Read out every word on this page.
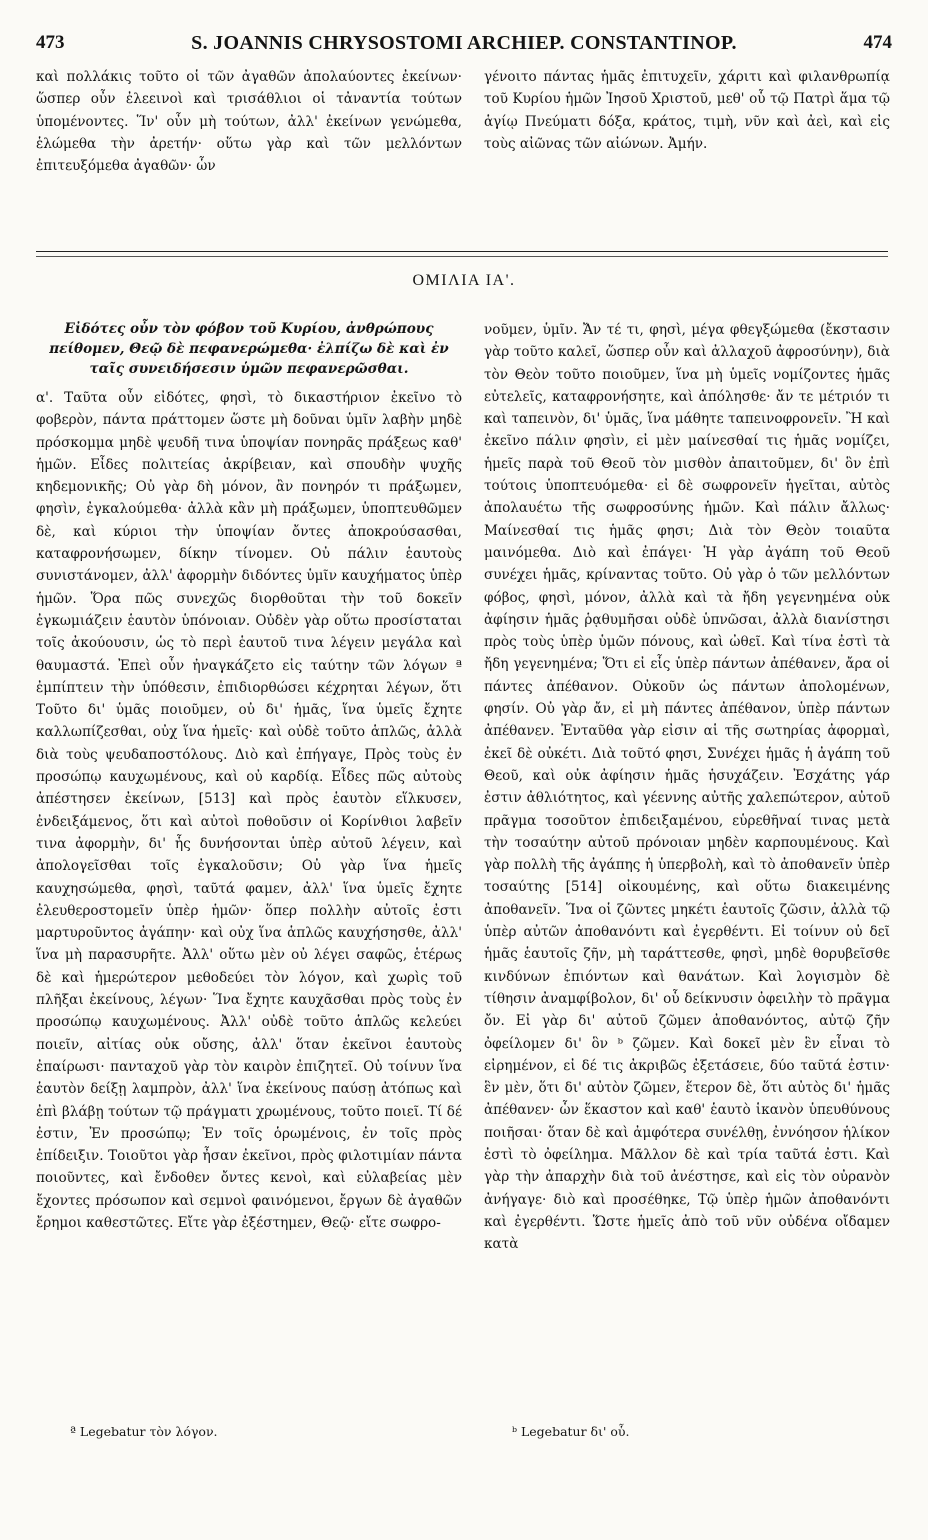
473	S. JOANNIS CHRYSOSTOMI ARCHIEP. CONSTANTINOP.	474

καὶ πολλάκις τοῦτο οἱ τῶν ἀγαθῶν ἀπολαύοντες ἐκείνων· ὥσπερ οὖν ἐλεεινοὶ καὶ τρισάθλιοι οἱ τἀναντία τούτων ὑπομένοντες. Ἵν' οὖν μὴ τούτων, ἀλλ' ἐκείνων γενώμεθα, ἑλώμεθα τὴν ἀρετήν· οὕτω γὰρ καὶ τῶν μελλόντων ἐπιτευξόμεθα ἀγαθῶν· ὧν

γένοιτο πάντας ἡμᾶς ἐπιτυχεῖν, χάριτι καὶ φιλανθρωπίᾳ τοῦ Κυρίου ἡμῶν Ἰησοῦ Χριστοῦ, μεθ' οὗ τῷ Πατρὶ ἅμα τῷ ἁγίῳ Πνεύματι δόξα, κράτος, τιμὴ, νῦν καὶ ἀεὶ, καὶ εἰς τοὺς αἰῶνας τῶν αἰώνων. Ἀμήν.

ΟΜΙΛΙΑ ΙΑ'.

Εἰδότες οὖν τὸν φόβον τοῦ Κυρίου, ἀνθρώπους πείθομεν, Θεῷ δὲ πεφανερώμεθα· ἐλπίζω δὲ καὶ ἐν ταῖς συνειδήσεσιν ὑμῶν πεφανερῶσθαι.

α'. Ταῦτα οὖν εἰδότες, φησὶ, τὸ δικαστήριον ἐκεῖνο τὸ φοβερὸν, πάντα πράττομεν ὥστε μὴ δοῦναι ὑμῖν λαβὴν μηδὲ πρόσκομμα μηδὲ ψευδῆ τινα ὑποψίαν πονηρᾶς πράξεως καθ' ἡμῶν. Εἶδες πολιτείας ἀκρίβειαν, καὶ σπουδὴν ψυχῆς κηδεμονικῆς; Οὐ γὰρ δὴ μόνον, ἂν πονηρόν τι πράξωμεν, φησὶν, ἐγκαλούμεθα· ἀλλὰ κἂν μὴ πράξωμεν, ὑποπτευθῶμεν δὲ, καὶ κύριοι τὴν ὑποψίαν ὄντες ἀποκρούσασθαι, καταφρονήσωμεν, δίκην τίνομεν. Οὐ πάλιν ἑαυτοὺς συνιστάνομεν, ἀλλ' ἀφορμὴν διδόντες ὑμῖν καυχήματος ὑπὲρ ἡμῶν. Ὅρα πῶς συνεχῶς διορθοῦται τὴν τοῦ δοκεῖν ἐγκωμιάζειν ἑαυτὸν ὑπόνοιαν. Οὐδὲν γὰρ οὕτω προσίσταται τοῖς ἀκούουσιν, ὡς τὸ περὶ ἑαυτοῦ τινα λέγειν μεγάλα καὶ θαυμαστά. Ἐπεὶ οὖν ἠναγκάζετο εἰς ταύτην τῶν λόγων ª ἐμπίπτειν τὴν ὑπόθεσιν, ἐπιδιορθώσει κέχρηται λέγων, ὅτι Τοῦτο δι' ὑμᾶς ποιοῦμεν, οὐ δι' ἡμᾶς, ἵνα ὑμεῖς ἔχητε καλλωπίζεσθαι, οὐχ ἵνα ἡμεῖς· καὶ οὐδὲ τοῦτο ἁπλῶς, ἀλλὰ διὰ τοὺς ψευδαποστόλους. Διὸ καὶ ἐπήγαγε, Πρὸς τοὺς ἐν προσώπῳ καυχωμένους, καὶ οὐ καρδίᾳ. Εἶδες πῶς αὐτοὺς ἀπέστησεν ἐκείνων, [513] καὶ πρὸς ἑαυτὸν εἵλκυσεν, ἐνδειξάμενος, ὅτι καὶ αὐτοὶ ποθοῦσιν οἱ Κορίνθιοι λαβεῖν τινα ἀφορμὴν, δι' ἧς δυνήσονται ὑπὲρ αὐτοῦ λέγειν, καὶ ἀπολογεῖσθαι τοῖς ἐγκαλοῦσιν; Οὐ γὰρ ἵνα ἡμεῖς καυχησώμεθα, φησὶ, ταῦτά φαμεν, ἀλλ' ἵνα ὑμεῖς ἔχητε ἐλευθεροστομεῖν ὑπὲρ ἡμῶν· ὅπερ πολλὴν αὐτοῖς ἐστι μαρτυροῦντος ἀγάπην· καὶ οὐχ ἵνα ἁπλῶς καυχήσησθε, ἀλλ' ἵνα μὴ παρασυρῆτε. Ἀλλ' οὕτω μὲν οὐ λέγει σαφῶς, ἑτέρως δὲ καὶ ἡμερώτερον μεθοδεύει τὸν λόγον, καὶ χωρὶς τοῦ πλῆξαι ἐκείνους, λέγων· Ἵνα ἔχητε καυχᾶσθαι πρὸς τοὺς ἐν προσώπῳ καυχωμένους. Ἀλλ' οὐδὲ τοῦτο ἁπλῶς κελεύει ποιεῖν, αἰτίας οὐκ οὔσης, ἀλλ' ὅταν ἐκεῖνοι ἑαυτοὺς ἐπαίρωσι· πανταχοῦ γὰρ τὸν καιρὸν ἐπιζητεῖ. Οὐ τοίνυν ἵνα ἑαυτὸν δείξῃ λαμπρὸν, ἀλλ' ἵνα ἐκείνους παύσῃ ἀτόπως καὶ ἐπὶ βλάβῃ τούτων τῷ πράγματι χρωμένους, τοῦτο ποιεῖ. Τί δέ ἐστιν, Ἐν προσώπῳ; Ἐν τοῖς ὁρωμένοις, ἐν τοῖς πρὸς ἐπίδειξιν. Τοιοῦτοι γὰρ ἦσαν ἐκεῖνοι, πρὸς φιλοτιμίαν πάντα ποιοῦντες, καὶ ἔνδοθεν ὄντες κενοὶ, καὶ εὐλαβείας μὲν ἔχοντες πρόσωπον καὶ σεμνοὶ φαινόμενοι, ἔργων δὲ ἀγαθῶν ἔρημοι καθεστῶτες. Εἴτε γὰρ ἐξέστημεν, Θεῷ· εἴτε σωφρο-

νοῦμεν, ὑμῖν. Ἄν τέ τι, φησὶ, μέγα φθεγξώμεθα (ἔκστασιν γὰρ τοῦτο καλεῖ, ὥσπερ οὖν καὶ ἀλλαχοῦ ἀφροσύνην), διὰ τὸν Θεὸν τοῦτο ποιοῦμεν, ἵνα μὴ ὑμεῖς νομίζοντες ἡμᾶς εὐτελεῖς, καταφρονήσητε, καὶ ἀπόλησθε· ἄν τε μέτριόν τι καὶ ταπεινὸν, δι' ὑμᾶς, ἵνα μάθητε ταπεινοφρονεῖν. Ἢ καὶ ἐκεῖνο πάλιν φησὶν, εἰ μὲν μαίνεσθαί τις ἡμᾶς νομίζει, ἡμεῖς παρὰ τοῦ Θεοῦ τὸν μισθὸν ἀπαιτοῦμεν, δι' ὃν ἐπὶ τούτοις ὑποπτευόμεθα· εἰ δὲ σωφρονεῖν ἡγεῖται, αὐτὸς ἀπολαυέτω τῆς σωφροσύνης ἡμῶν. Καὶ πάλιν ἄλλως· Μαίνεσθαί τις ἡμᾶς φησι; Διὰ τὸν Θεὸν τοιαῦτα μαινόμεθα. Διὸ καὶ ἐπάγει· Ἡ γὰρ ἀγάπη τοῦ Θεοῦ συνέχει ἡμᾶς, κρίναντας τοῦτο. Οὐ γὰρ ὁ τῶν μελλόντων φόβος, φησὶ, μόνον, ἀλλὰ καὶ τὰ ἤδη γεγενημένα οὐκ ἀφίησιν ἡμᾶς ῥᾳθυμῆσαι οὐδὲ ὑπνῶσαι, ἀλλὰ διανίστησι πρὸς τοὺς ὑπὲρ ὑμῶν πόνους, καὶ ὠθεῖ. Καὶ τίνα ἐστὶ τὰ ἤδη γεγενημένα; Ὅτι εἰ εἷς ὑπὲρ πάντων ἀπέθανεν, ἄρα οἱ πάντες ἀπέθανον. Οὐκοῦν ὡς πάντων ἀπολομένων, φησίν. Οὐ γὰρ ἄν, εἰ μὴ πάντες ἀπέθανον, ὑπὲρ πάντων ἀπέθανεν. Ἐνταῦθα γὰρ εἰσιν αἱ τῆς σωτηρίας ἀφορμαὶ, ἐκεῖ δὲ οὐκέτι. Διὰ τοῦτό φησι, Συνέχει ἡμᾶς ἡ ἀγάπη τοῦ Θεοῦ, καὶ οὐκ ἀφίησιν ἡμᾶς ἡσυχάζειν. Ἐσχάτης γάρ ἐστιν ἀθλιότητος, καὶ γέεννης αὐτῆς χαλεπώτερον, αὐτοῦ πρᾶγμα τοσοῦτον ἐπιδειξαμένου, εὑρεθῆναί τινας μετὰ τὴν τοσαύτην αὐτοῦ πρόνοιαν μηδὲν καρπουμένους. Καὶ γὰρ πολλὴ τῆς ἀγάπης ἡ ὑπερβολὴ, καὶ τὸ ἀποθανεῖν ὑπὲρ τοσαύτης [514] οἰκουμένης, καὶ οὕτω διακειμένης ἀποθανεῖν. Ἵνα οἱ ζῶντες μηκέτι ἑαυτοῖς ζῶσιν, ἀλλὰ τῷ ὑπὲρ αὐτῶν ἀποθανόντι καὶ ἐγερθέντι. Εἰ τοίνυν οὐ δεῖ ἡμᾶς ἑαυτοῖς ζῆν, μὴ ταράττεσθε, φησὶ, μηδὲ θορυβεῖσθε κινδύνων ἐπιόντων καὶ θανάτων. Καὶ λογισμὸν δὲ τίθησιν ἀναμφίβολον, δι' οὗ δείκνυσιν ὀφειλὴν τὸ πρᾶγμα ὄν. Εἰ γὰρ δι' αὐτοῦ ζῶμεν ἀποθανόντος, αὐτῷ ζῆν ὀφείλομεν δι' ὃν ᵇ ζῶμεν. Καὶ δοκεῖ μὲν ἓν εἶναι τὸ εἰρημένον, εἰ δέ τις ἀκριβῶς ἐξετάσειε, δύο ταῦτά ἐστιν· ἓν μὲν, ὅτι δι' αὐτὸν ζῶμεν, ἕτερον δὲ, ὅτι αὐτὸς δι' ἡμᾶς ἀπέθανεν· ὧν ἕκαστον καὶ καθ' ἑαυτὸ ἱκανὸν ὑπευθύνους ποιῆσαι· ὅταν δὲ καὶ ἀμφότερα συνέλθῃ, ἐννόησον ἡλίκον ἐστὶ τὸ ὀφείλημα. Μᾶλλον δὲ καὶ τρία ταῦτά ἐστι. Καὶ γὰρ τὴν ἀπαρχὴν διὰ τοῦ ἀνέστησε, καὶ εἰς τὸν οὐρανὸν ἀνήγαγε· διὸ καὶ προσέθηκε, Τῷ ὑπὲρ ἡμῶν ἀποθανόντι καὶ ἐγερθέντι. Ὥστε ἡμεῖς ἀπὸ τοῦ νῦν οὐδένα οἴδαμεν κατὰ

ª Legebatur τὸν λόγον.	ᵇ Legebatur δι' οὗ.
